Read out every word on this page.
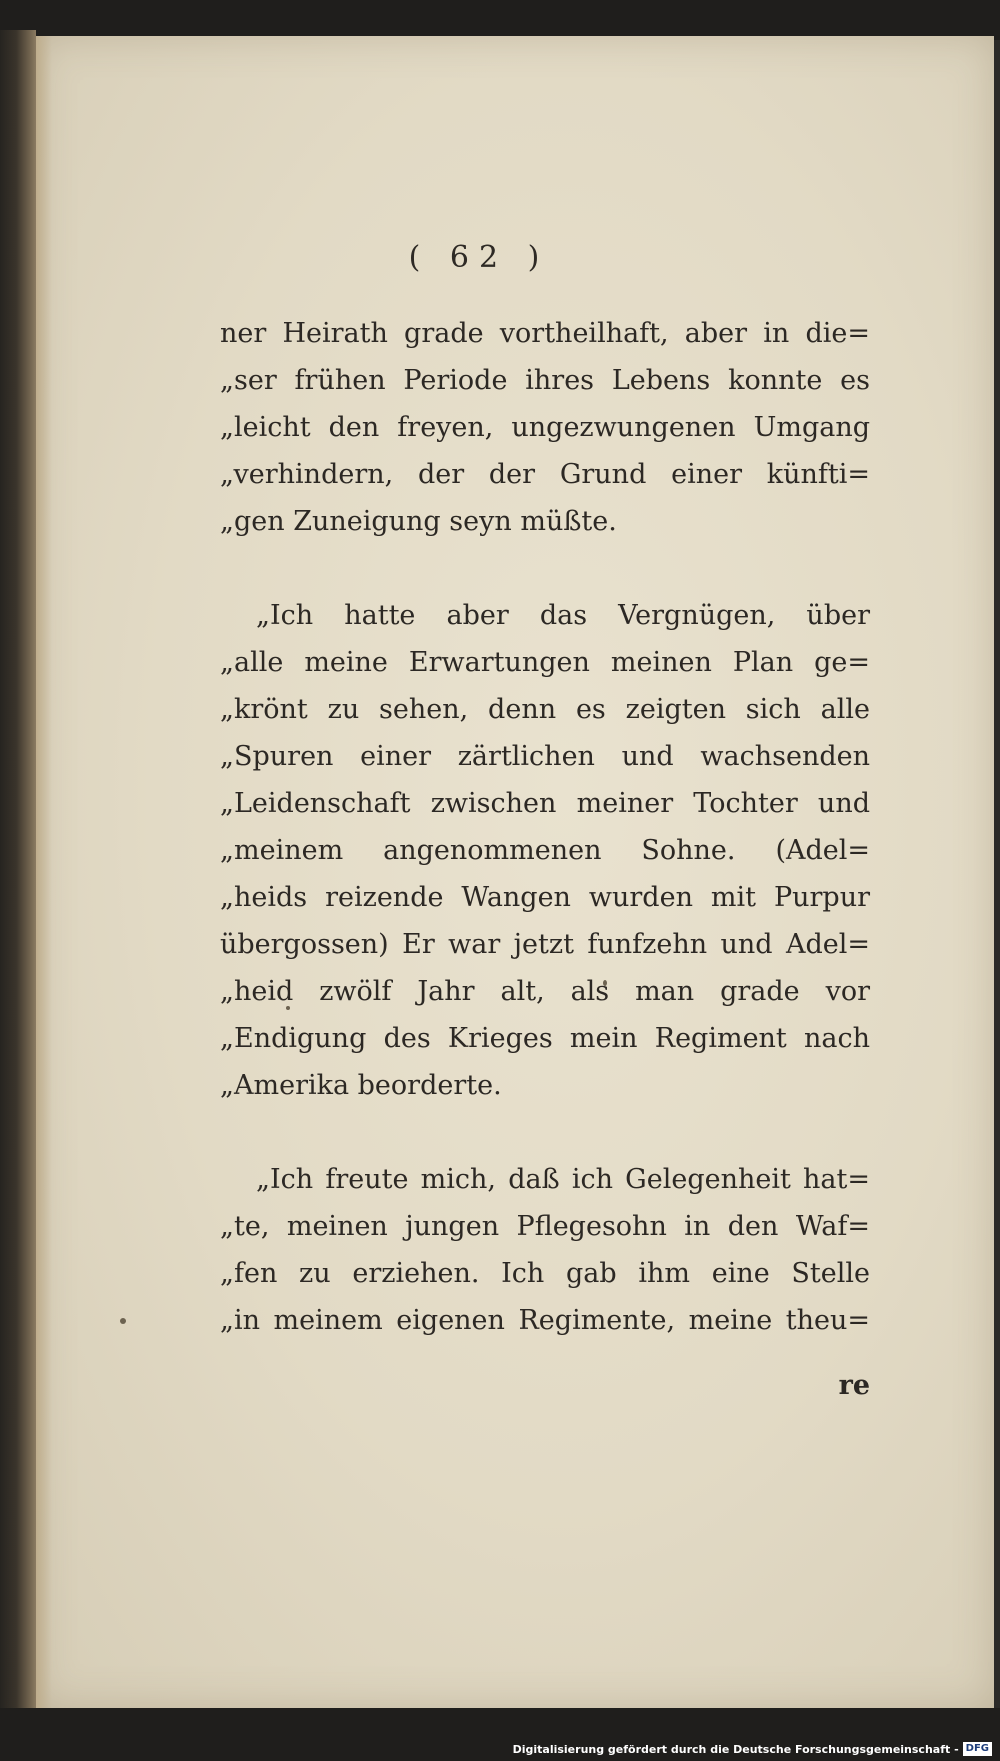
( 62 )
ner Heirath grade vortheilhaft, aber in die=
„ser frühen Periode ihres Lebens konnte es
„leicht den freyen, ungezwungenen Umgang
„verhindern, der der Grund einer künfti=
„gen Zuneigung seyn müßte.
„Ich hatte aber das Vergnügen, über
„alle meine Erwartungen meinen Plan ge=
„krönt zu sehen, denn es zeigten sich alle
„Spuren einer zärtlichen und wachsenden
„Leidenschaft zwischen meiner Tochter und
„meinem angenommenen Sohne. (Adel=
„heids reizende Wangen wurden mit Purpur
übergossen) Er war jetzt funfzehn und Adel=
„heid zwölf Jahr alt, als man grade vor
„Endigung des Krieges mein Regiment nach
„Amerika beorderte.
„Ich freute mich, daß ich Gelegenheit hat=
„te, meinen jungen Pflegesohn in den Waf=
„fen zu erziehen. Ich gab ihm eine Stelle
„in meinem eigenen Regimente, meine theu=
re
Digitalisierung gefördert durch die Deutsche Forschungsgemeinschaft - DFG
